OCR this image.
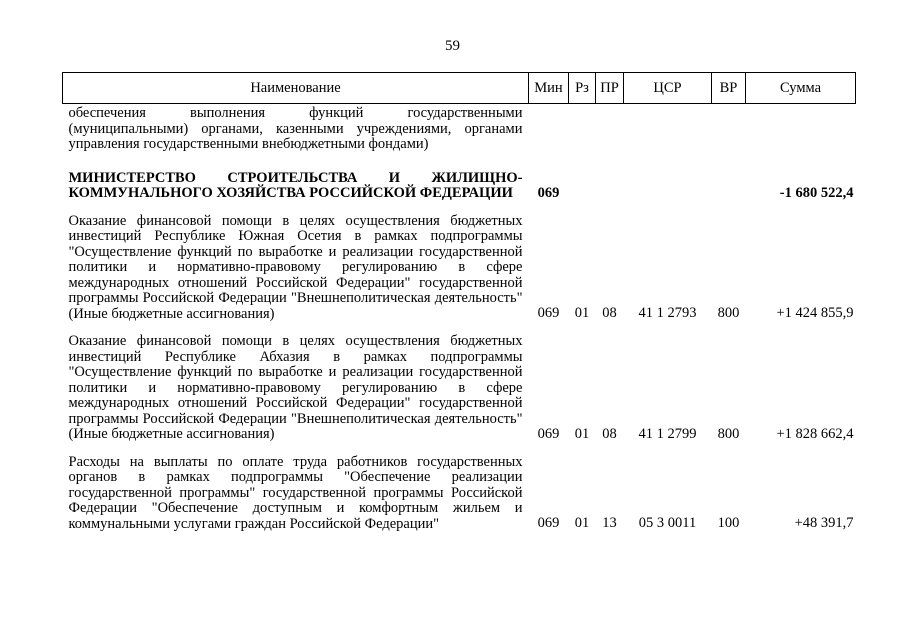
59
Наименование	Мин	Рз	ПР	ЦСР	ВР	Сумма
обеспечения выполнения функций государственными (муниципальными) органами, казенными учреждениями, органами управления государственными внебюджетными фондами)						
МИНИСТЕРСТВО СТРОИТЕЛЬСТВА И ЖИЛИЩНО-КОММУНАЛЬНОГО ХОЗЯЙСТВА РОССИЙСКОЙ ФЕДЕРАЦИИ	069					-1 680 522,4
Оказание финансовой помощи в целях осуществления бюджетных инвестиций Республике Южная Осетия в рамках подпрограммы "Осуществление функций по выработке и реализации государственной политики и нормативно-правовому регулированию в сфере международных отношений Российской Федерации" государственной программы Российской Федерации "Внешнеполитическая деятельность" (Иные бюджетные ассигнования)	069	01	08	41 1 2793	800	+1 424 855,9
Оказание финансовой помощи в целях осуществления бюджетных инвестиций Республике Абхазия в рамках подпрограммы "Осуществление функций по выработке и реализации государственной политики и нормативно-правовому регулированию в сфере международных отношений Российской Федерации" государственной программы Российской Федерации "Внешнеполитическая деятельность" (Иные бюджетные ассигнования)	069	01	08	41 1 2799	800	+1 828 662,4
Расходы на выплаты по оплате труда работников государственных органов в рамках подпрограммы "Обеспечение реализации государственной программы" государственной программы Российской Федерации "Обеспечение доступным и комфортным жильем и коммунальными услугами граждан Российской Федерации"	069	01	13	05 3 0011	100	+48 391,7
